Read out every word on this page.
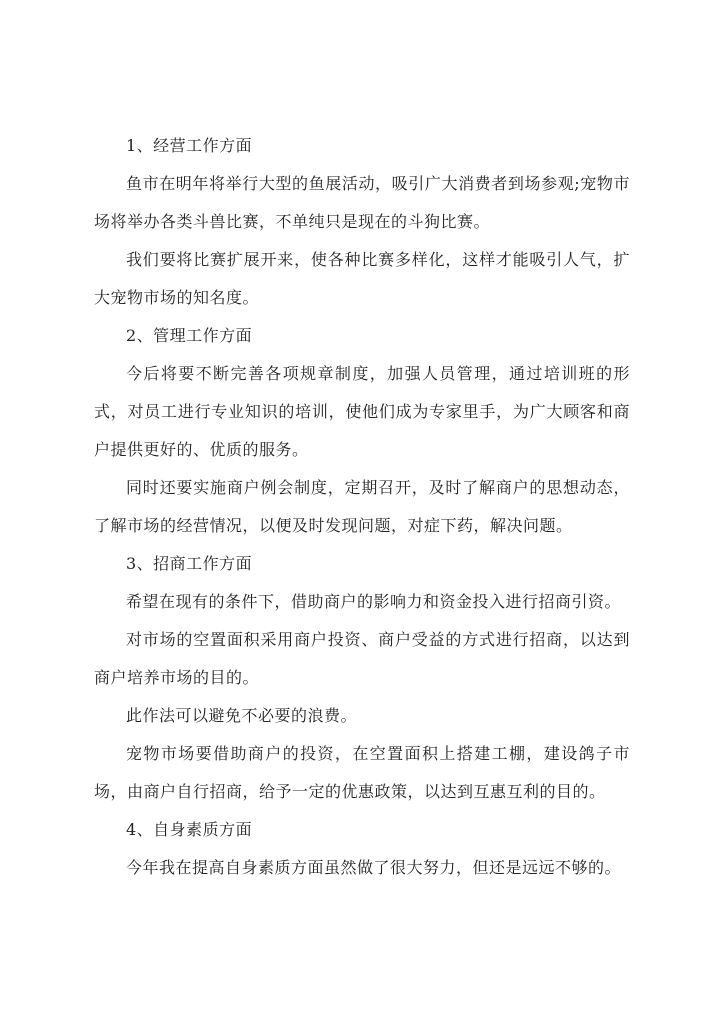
1、经营工作方面

鱼市在明年将举行大型的鱼展活动，吸引广大消费者到场参观;宠物市场将举办各类斗兽比赛，不单纯只是现在的斗狗比赛。

我们要将比赛扩展开来，使各种比赛多样化，这样才能吸引人气，扩大宠物市场的知名度。

2、管理工作方面

今后将要不断完善各项规章制度，加强人员管理，通过培训班的形式，对员工进行专业知识的培训，使他们成为专家里手，为广大顾客和商户提供更好的、优质的服务。

同时还要实施商户例会制度，定期召开，及时了解商户的思想动态，了解市场的经营情况，以便及时发现问题，对症下药，解决问题。

3、招商工作方面

希望在现有的条件下，借助商户的影响力和资金投入进行招商引资。

对市场的空置面积采用商户投资、商户受益的方式进行招商，以达到商户培养市场的目的。

此作法可以避免不必要的浪费。

宠物市场要借助商户的投资，在空置面积上搭建工棚，建设鸽子市场，由商户自行招商，给予一定的优惠政策，以达到互惠互利的目的。

4、自身素质方面

今年我在提高自身素质方面虽然做了很大努力，但还是远远不够的。
